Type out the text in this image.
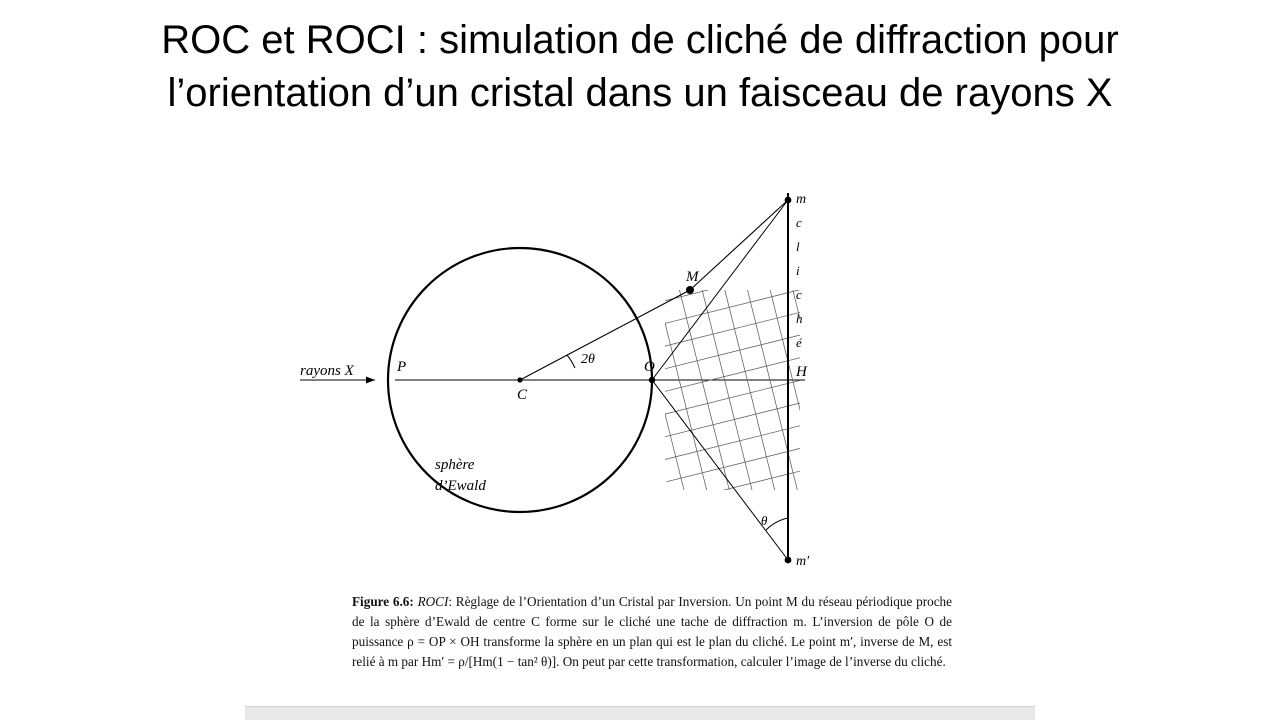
ROC et ROCI : simulation de cliché de diffraction pour l’orientation d’un cristal dans un faisceau de rayons X
rayons X	P
C
O
M
H
m
m′
2θ
θ
sphère
d’Ewald
c
l
i
c
h
é
Figure 6.6: ROCI: Règlage de l’Orientation d’un Cristal par Inversion. Un point M du réseau périodique proche de la sphère d’Ewald de centre C forme sur le cliché une tache de diffraction m. L’inversion de pôle O de puissance ρ = OP × OH transforme la sphère en un plan qui est le plan du cliché. Le point m′, inverse de M, est relié à m par Hm′ = ρ/[Hm(1 − tan² θ)]. On peut par cette transformation, calculer l’image de l’inverse du cliché.
